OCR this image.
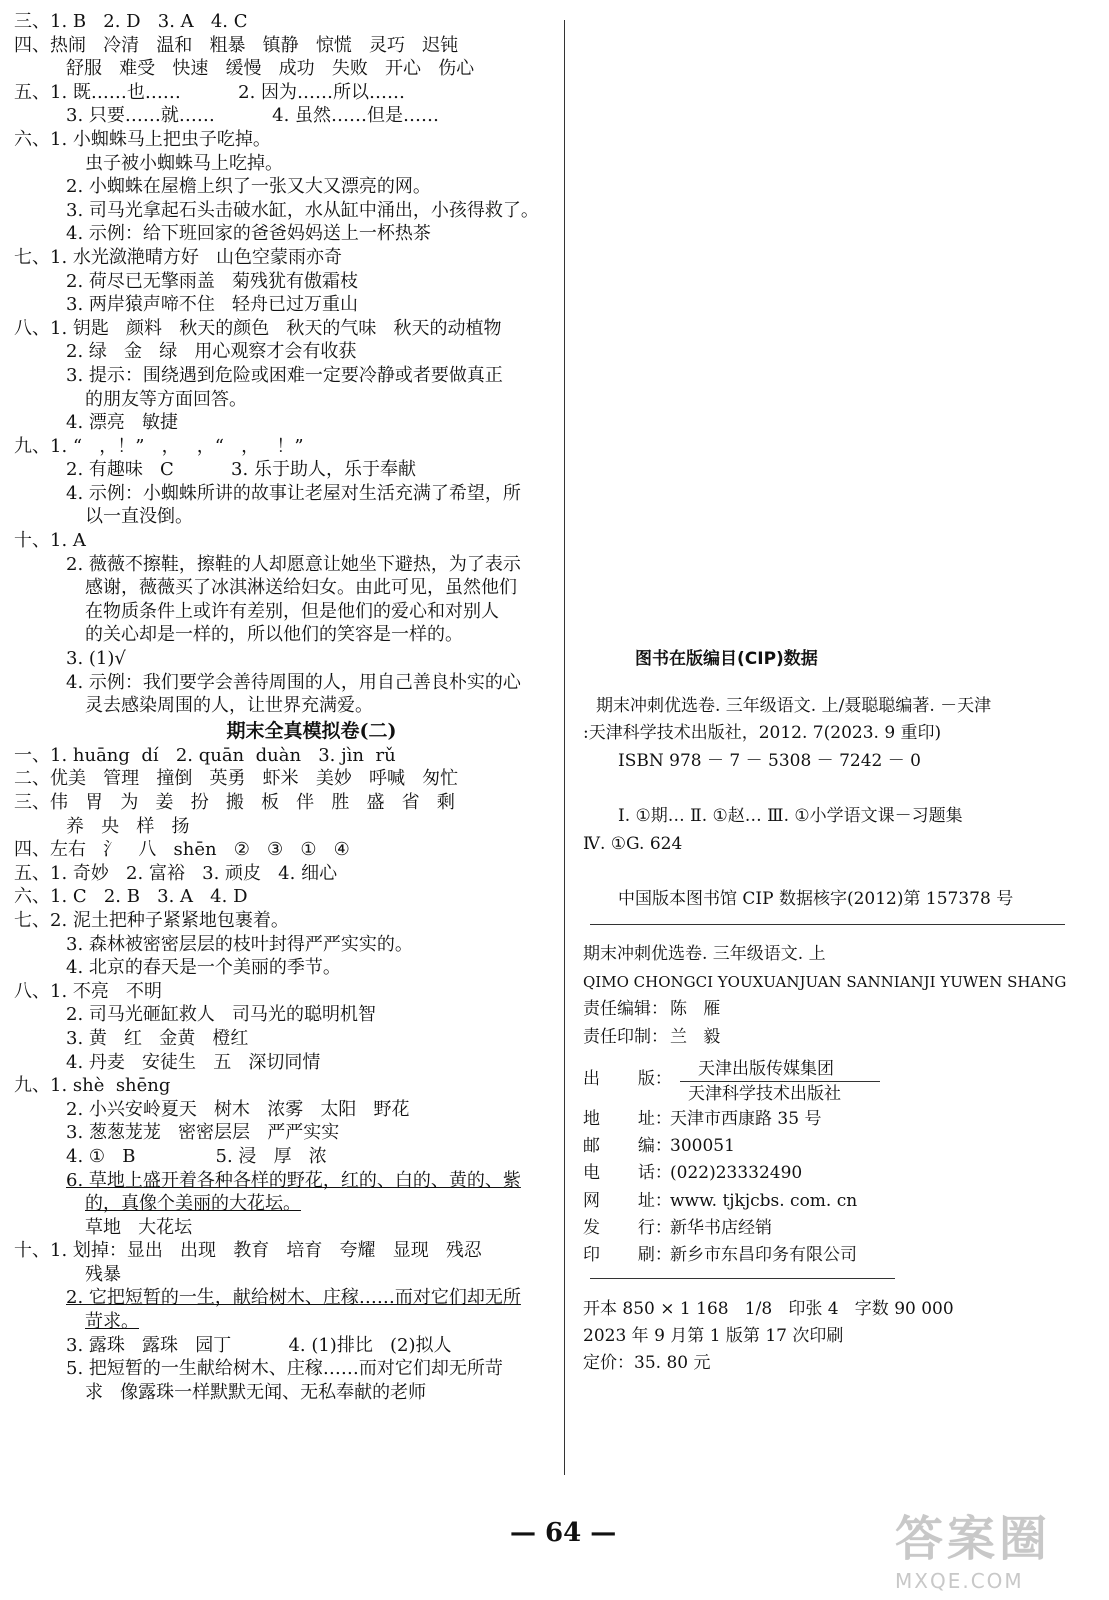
三、1. B   2. D   3. A   4. C
四、热闹   冷清   温和   粗暴   镇静   惊慌   灵巧   迟钝
舒服   难受   快速   缓慢   成功   失败   开心   伤心
五、1. 既……也……          2. 因为……所以……
3. 只要……就……          4. 虽然……但是……
六、1. 小蜘蛛马上把虫子吃掉。
虫子被小蜘蛛马上吃掉。
2. 小蜘蛛在屋檐上织了一张又大又漂亮的网。
3. 司马光拿起石头击破水缸，水从缸中涌出，小孩得救了。
4. 示例：给下班回家的爸爸妈妈送上一杯热茶
七、1. 水光潋滟晴方好   山色空蒙雨亦奇
2. 荷尽已无擎雨盖   菊残犹有傲霜枝
3. 两岸猿声啼不住   轻舟已过万重山
八、1. 钥匙   颜料   秋天的颜色   秋天的气味   秋天的动植物
2. 绿   金   绿   用心观察才会有收获
3. 提示：围绕遇到危险或困难一定要冷静或者要做真正
的朋友等方面回答。
4. 漂亮   敏捷
九、1. “   ，！”   ，   ，“   ，   ！”
2. 有趣味   C          3. 乐于助人，乐于奉献
4. 示例：小蜘蛛所讲的故事让老屋对生活充满了希望，所
以一直没倒。
十、1. A
2. 薇薇不擦鞋，擦鞋的人却愿意让她坐下避热，为了表示
感谢，薇薇买了冰淇淋送给妇女。由此可见，虽然他们
在物质条件上或许有差别，但是他们的爱心和对别人
的关心却是一样的，所以他们的笑容是一样的。
3. (1)√
4. 示例：我们要学会善待周围的人，用自己善良朴实的心
灵去感染周围的人，让世界充满爱。
期末全真模拟卷(二)
一、1. huāng  dí   2. quān  duàn   3. jìn  rǔ
二、优美   管理   撞倒   英勇   虾米   美妙   呼喊   匆忙
三、伟   胃   为   姜   扮   搬   板   伴   胜   盛   省   剩
养   央   样   扬
四、左右   氵   八   shēn   ②   ③   ①   ④
五、1. 奇妙   2. 富裕   3. 顽皮   4. 细心
六、1. C   2. B   3. A   4. D
七、2. 泥土把种子紧紧地包裹着。
3. 森林被密密层层的枝叶封得严严实实的。
4. 北京的春天是一个美丽的季节。
八、1. 不亮   不明
2. 司马光砸缸救人   司马光的聪明机智
3. 黄   红   金黄   橙红
4. 丹麦   安徒生   五   深切同情
九、1. shè  shēng
2. 小兴安岭夏天   树木   浓雾   太阳   野花
3. 葱葱茏茏   密密层层   严严实实
4. ①   B              5. 浸   厚   浓
6. 草地上盛开着各种各样的野花，红的、白的、黄的、紫
的，真像个美丽的大花坛。
草地   大花坛
十、1. 划掉：显出   出现   教育   培育   夸耀   显现   残忍
残暴
2. 它把短暂的一生，献给树木、庄稼……而对它们却无所
苛求。
3. 露珠   露珠   园丁          4. (1)排比   (2)拟人
5. 把短暂的一生献给树木、庄稼……而对它们却无所苛
求   像露珠一样默默无闻、无私奉献的老师
图书在版编目(CIP)数据
期末冲刺优选卷. 三年级语文. 上/聂聪聪编著. －天津
:天津科学技术出版社，2012. 7(2023. 9 重印)
ISBN 978 － 7 － 5308 － 7242 － 0
Ⅰ. ①期… Ⅱ. ①赵… Ⅲ. ①小学语文课－习题集
Ⅳ. ①G. 624
中国版本图书馆 CIP 数据核字(2012)第 157378 号
期末冲刺优选卷. 三年级语文. 上
QIMO CHONGCI YOUXUANJUAN SANNIANJI YUWEN SHANG
责任编辑： 陈   雁
责任印制： 兰   毅
出       版：	天津出版传媒集团
天津科学技术出版社
地       址：
天津市西康路 35 号
邮       编：
300051
电       话：
(022)23332490
网       址：
www. tjkjcbs. com. cn
发       行：
新华书店经销
印       刷：
新乡市东昌印务有限公司
开本 850 × 1 168   1/8   印张 4   字数 90 000
2023 年 9 月第 1 版第 17 次印刷
定价：35. 80 元
— 64 —	答案圈
MXQE.COM
